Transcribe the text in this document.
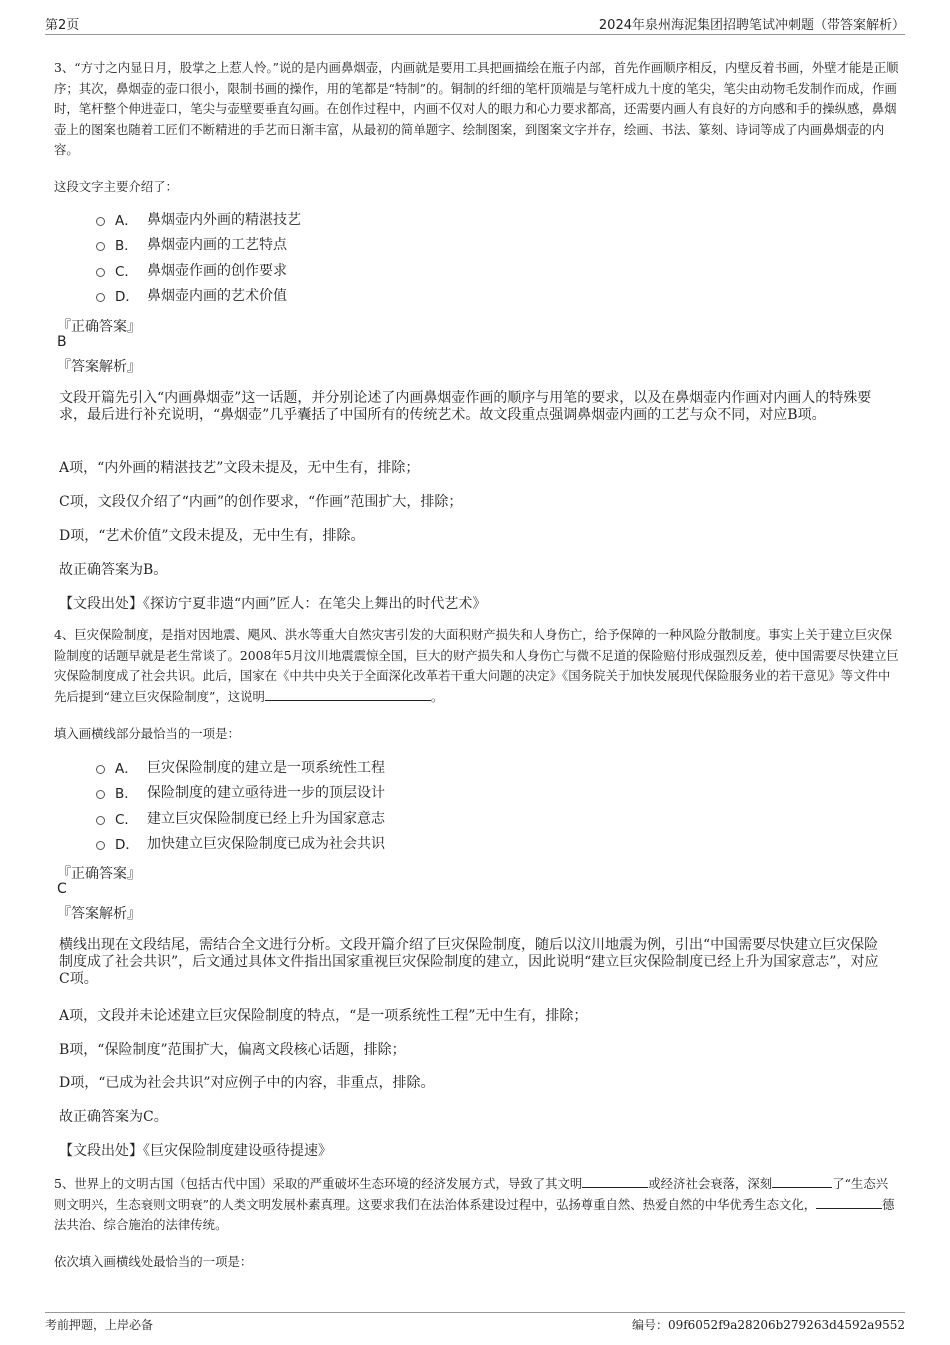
第2页	2024年泉州海泥集团招聘笔试冲刺题（带答案解析）

3、“方寸之内显日月，股掌之上惹人怜。”说的是内画鼻烟壶，内画就是要用工具把画描绘在瓶子内部，首先作画顺序相反，内壁反着书画，外壁才能是正顺序；其次，鼻烟壶的壶口很小，限制书画的操作，用的笔都是“特制”的。铜制的纤细的笔杆顶端是与笔杆成九十度的笔尖，笔尖由动物毛发制作而成，作画时，笔杆整个伸进壶口，笔尖与壶壁要垂直勾画。在创作过程中，内画不仅对人的眼力和心力要求都高，还需要内画人有良好的方向感和手的操纵感，鼻烟壶上的图案也随着工匠们不断精进的手艺而日渐丰富，从最初的简单题字、绘制图案，到图案文字并存，绘画、书法、篆刻、诗词等成了内画鼻烟壶的内容。

这段文字主要介绍了：

A． 鼻烟壶内外画的精湛技艺
B． 鼻烟壶内画的工艺特点
C． 鼻烟壶作画的创作要求
D． 鼻烟壶内画的艺术价值

『正确答案』

B

『答案解析』

文段开篇先引入“内画鼻烟壶”这一话题，并分别论述了内画鼻烟壶作画的顺序与用笔的要求，以及在鼻烟壶内作画对内画人的特殊要求，最后进行补充说明，“鼻烟壶”几乎囊括了中国所有的传统艺术。故文段重点强调鼻烟壶内画的工艺与众不同，对应B项。

A项，“内外画的精湛技艺”文段未提及，无中生有，排除；

C项，文段仅介绍了“内画”的创作要求，“作画”范围扩大，排除；

D项，“艺术价值”文段未提及，无中生有，排除。

故正确答案为B。

【文段出处】《探访宁夏非遗“内画”匠人：在笔尖上舞出的时代艺术》

4、巨灾保险制度，是指对因地震、飓风、洪水等重大自然灾害引发的大面积财产损失和人身伤亡，给予保障的一种风险分散制度。事实上关于建立巨灾保险制度的话题早就是老生常谈了。2008年5月汶川地震震惊全国，巨大的财产损失和人身伤亡与微不足道的保险赔付形成强烈反差，使中国需要尽快建立巨灾保险制度成了社会共识。此后，国家在《中共中央关于全面深化改革若干重大问题的决定》《国务院关于加快发展现代保险服务业的若干意见》等文件中先后提到“建立巨灾保险制度”，这说明	。

填入画横线部分最恰当的一项是：

A． 巨灾保险制度的建立是一项系统性工程
B． 保险制度的建立亟待进一步的顶层设计
C． 建立巨灾保险制度已经上升为国家意志
D． 加快建立巨灾保险制度已成为社会共识

『正确答案』

C

『答案解析』

横线出现在文段结尾，需结合全文进行分析。文段开篇介绍了巨灾保险制度，随后以汶川地震为例，引出“中国需要尽快建立巨灾保险制度成了社会共识”，后文通过具体文件指出国家重视巨灾保险制度的建立，因此说明“建立巨灾保险制度已经上升为国家意志”，对应C项。

A项，文段并未论述建立巨灾保险制度的特点，“是一项系统性工程”无中生有，排除；

B项，“保险制度”范围扩大，偏离文段核心话题，排除；

D项，“已成为社会共识”对应例子中的内容，非重点，排除。

故正确答案为C。

【文段出处】《巨灾保险制度建设亟待提速》

5、世界上的文明古国（包括古代中国）采取的严重破坏生态环境的经济发展方式，导致了其文明	或经济社会衰落，深刻	了“生态兴则文明兴，生态衰则文明衰”的人类文明发展朴素真理。这要求我们在法治体系建设过程中，弘扬尊重自然、热爱自然的中华优秀生态文化，	德法共治、综合施治的法律传统。

依次填入画横线处最恰当的一项是：

考前押题，上岸必备	编号：09f6052f9a28206b279263d4592a9552
